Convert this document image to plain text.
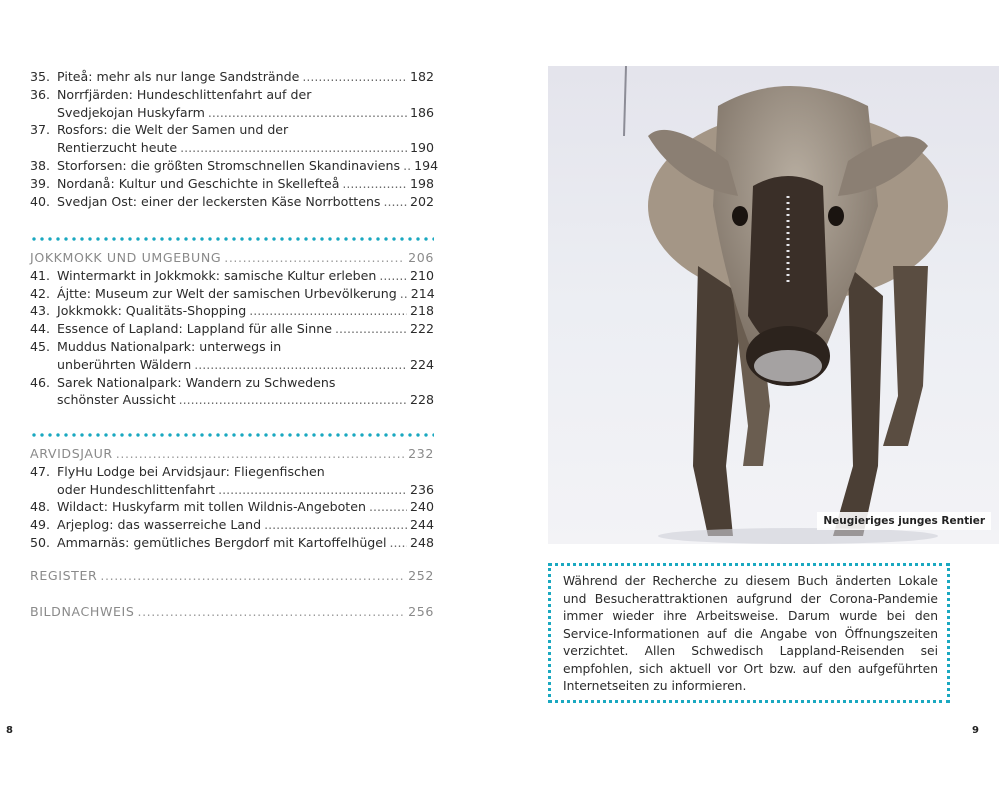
35. Piteå: mehr als nur lange Sandstrände .....	182
36. Norrfjärden: Hundeschlittenfahrt auf der
Svedjekojan Huskyfarm .....	186
37. Rosfors: die Welt der Samen und der
Rentierzucht heute .....	190
38. Storforsen: die größten Stromschnellen Skandinaviens ..... 194
39. Nordanå: Kultur und Geschichte in Skellefteå .....	198
40. Svedjan Ost: einer der leckersten Käse Norrbottens ..... 202
JOKKMOKK UND UMGEBUNG .....	206
41. Wintermarkt in Jokkmokk: samische Kultur erleben .....	210
42. Ájtte: Museum zur Welt der samischen Urbevölkerung ..... 214
43. Jokkmokk: Qualitäts-Shopping .....	218
44. Essence of Lapland: Lappland für alle Sinne .....	222
45. Muddus Nationalpark: unterwegs in
unberührten Wäldern .....	224
46. Sarek Nationalpark: Wandern zu Schwedens
schönster Aussicht .....	228
ARVIDSJAUR .....	232
47. FlyHu Lodge bei Arvidsjaur: Fliegenfischen
oder Hundeschlittenfahrt .....	236
48. Wildact: Huskyfarm mit tollen Wildnis-Angeboten .....	240
49. Arjeplog: das wasserreiche Land .....	244
50. Ammarnäs: gemütliches Bergdorf mit Kartoffelhügel ..... 248
REGISTER .....	252
BILDNACHWEIS .....	256
Neugieriges junges Rentier
Während der Recherche zu diesem Buch änderten Lokale und Besucherattraktionen aufgrund der Corona-Pandemie immer wieder ihre Arbeitsweise. Darum wurde bei den Service-Informationen auf die Angabe von Öffnungszeiten verzichtet. Allen Schwedisch Lappland-Reisenden sei empfohlen, sich aktuell vor Ort bzw. auf den aufgeführten Internetseiten zu informieren.
8	9
